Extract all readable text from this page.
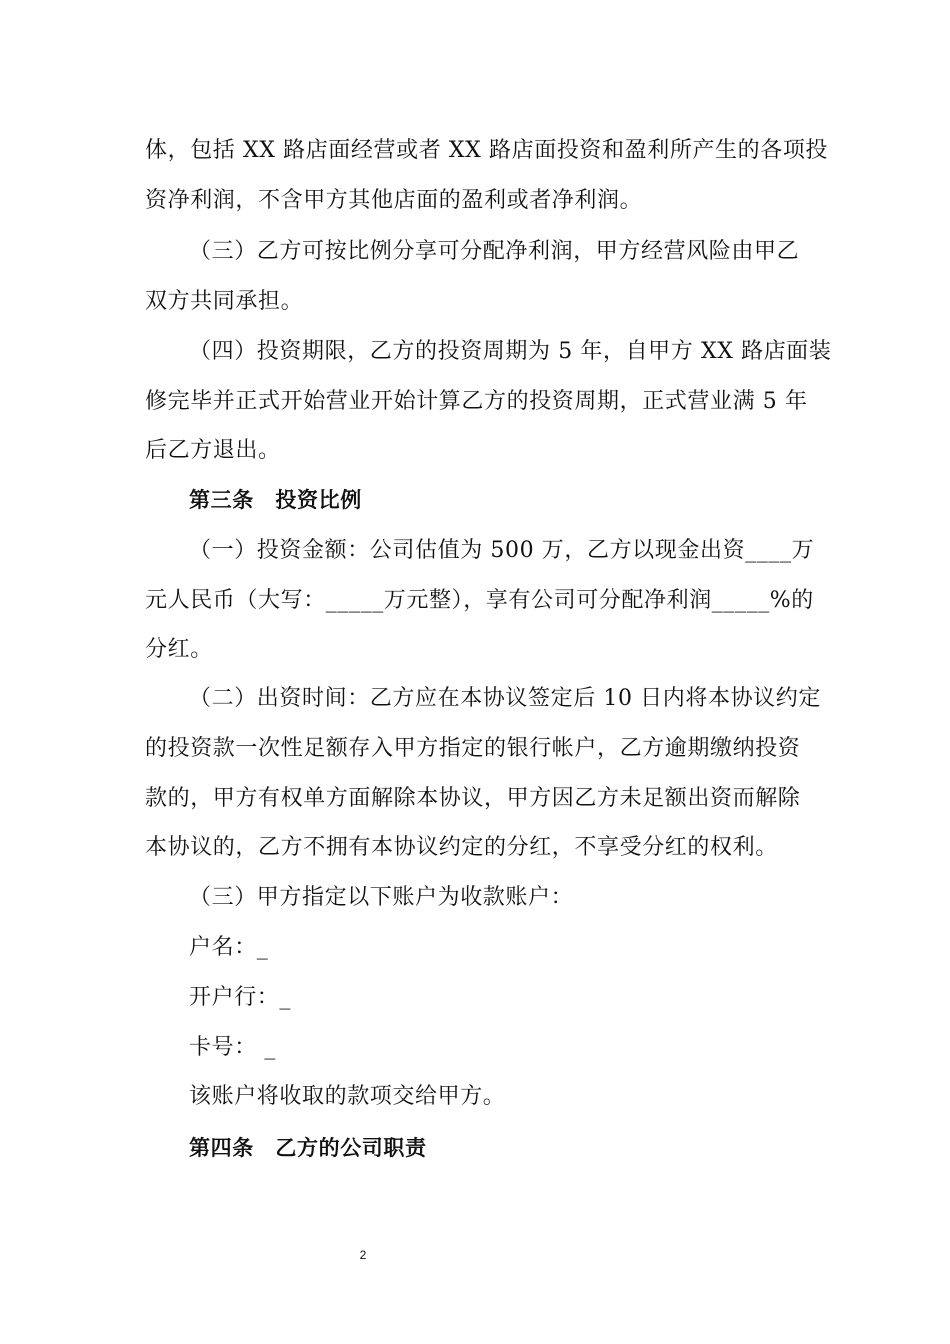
体，包括 XX 路店面经营或者 XX 路店面投资和盈利所产生的各项投
资净利润，不含甲方其他店面的盈利或者净利润。
（三）乙方可按比例分享可分配净利润，甲方经营风险由甲乙
双方共同承担。
（四）投资期限，乙方的投资周期为 5 年，自甲方 XX 路店面装
修完毕并正式开始营业开始计算乙方的投资周期，正式营业满 5 年
后乙方退出。
第三条　投资比例
（一）投资金额：公司估值为 500 万，乙方以现金出资____万
元人民币（大写：_____万元整），享有公司可分配净利润_____%的
分红。
（二）出资时间：乙方应在本协议签定后 10 日内将本协议约定
的投资款一次性足额存入甲方指定的银行帐户，乙方逾期缴纳投资
款的，甲方有权单方面解除本协议，甲方因乙方未足额出资而解除
本协议的，乙方不拥有本协议约定的分红，不享受分红的权利。
（三）甲方指定以下账户为收款账户：
户名：_
开户行：_
卡号： _
该账户将收取的款项交给甲方。
第四条　乙方的公司职责
2
